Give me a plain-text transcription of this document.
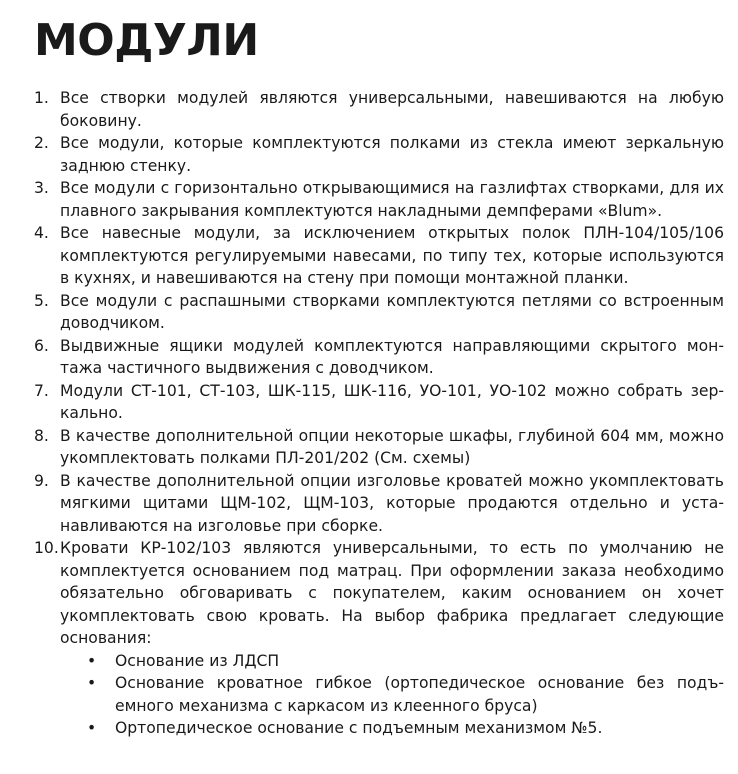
МОДУЛИ
1. Все створки модулей являются универсальными, навешиваются на любую боковину.
2. Все модули, которые комплектуются полками из стекла имеют зеркальную заднюю стенку.
3. Все модули с горизонтально открывающимися на газлифтах створками, для их плавного закрывания комплектуются накладными демпферами «Blum».
4. Все навесные модули, за исключением открытых полок ПЛН-104/105/106 комплектуются регулируемыми навесами, по типу тех, которые используются в кухнях, и навешиваются на стену при помощи монтажной планки.
5. Все модули с распашными створками комплектуются петлями со встроенным доводчиком.
6. Выдвижные ящики модулей комплектуются направляющими скрытого монтажа частичного выдвижения с доводчиком.
7. Модули СТ-101, СТ-103, ШК-115, ШК-116, УО-101, УО-102 можно собрать зеркально.
8. В качестве дополнительной опции некоторые шкафы, глубиной 604 мм, можно укомплектовать полками ПЛ-201/202 (См. схемы)
9. В качестве дополнительной опции изголовье кроватей можно укомплектoвать мягкими щитами ЩМ-102, ЩМ-103, которые продаются отдельно и устанавливаются на изголовье при сборке.
10. Кровати КР-102/103 являются универсальными, то есть по умолчанию не комплектуется основанием под матрац. При оформлении заказа необходимо обязательно обговаривать с покупателем, каким основанием он хочет укомплектовать свою кровать. На выбор фабрика предлагает следующие основания:
• Основание из ЛДСП
• Основание кроватное гибкое (ортопедическое основание без подъемного механизма с каркасом из клееннoго бруса)
• Ортопедическое основание с подъемным механизмом №5.
